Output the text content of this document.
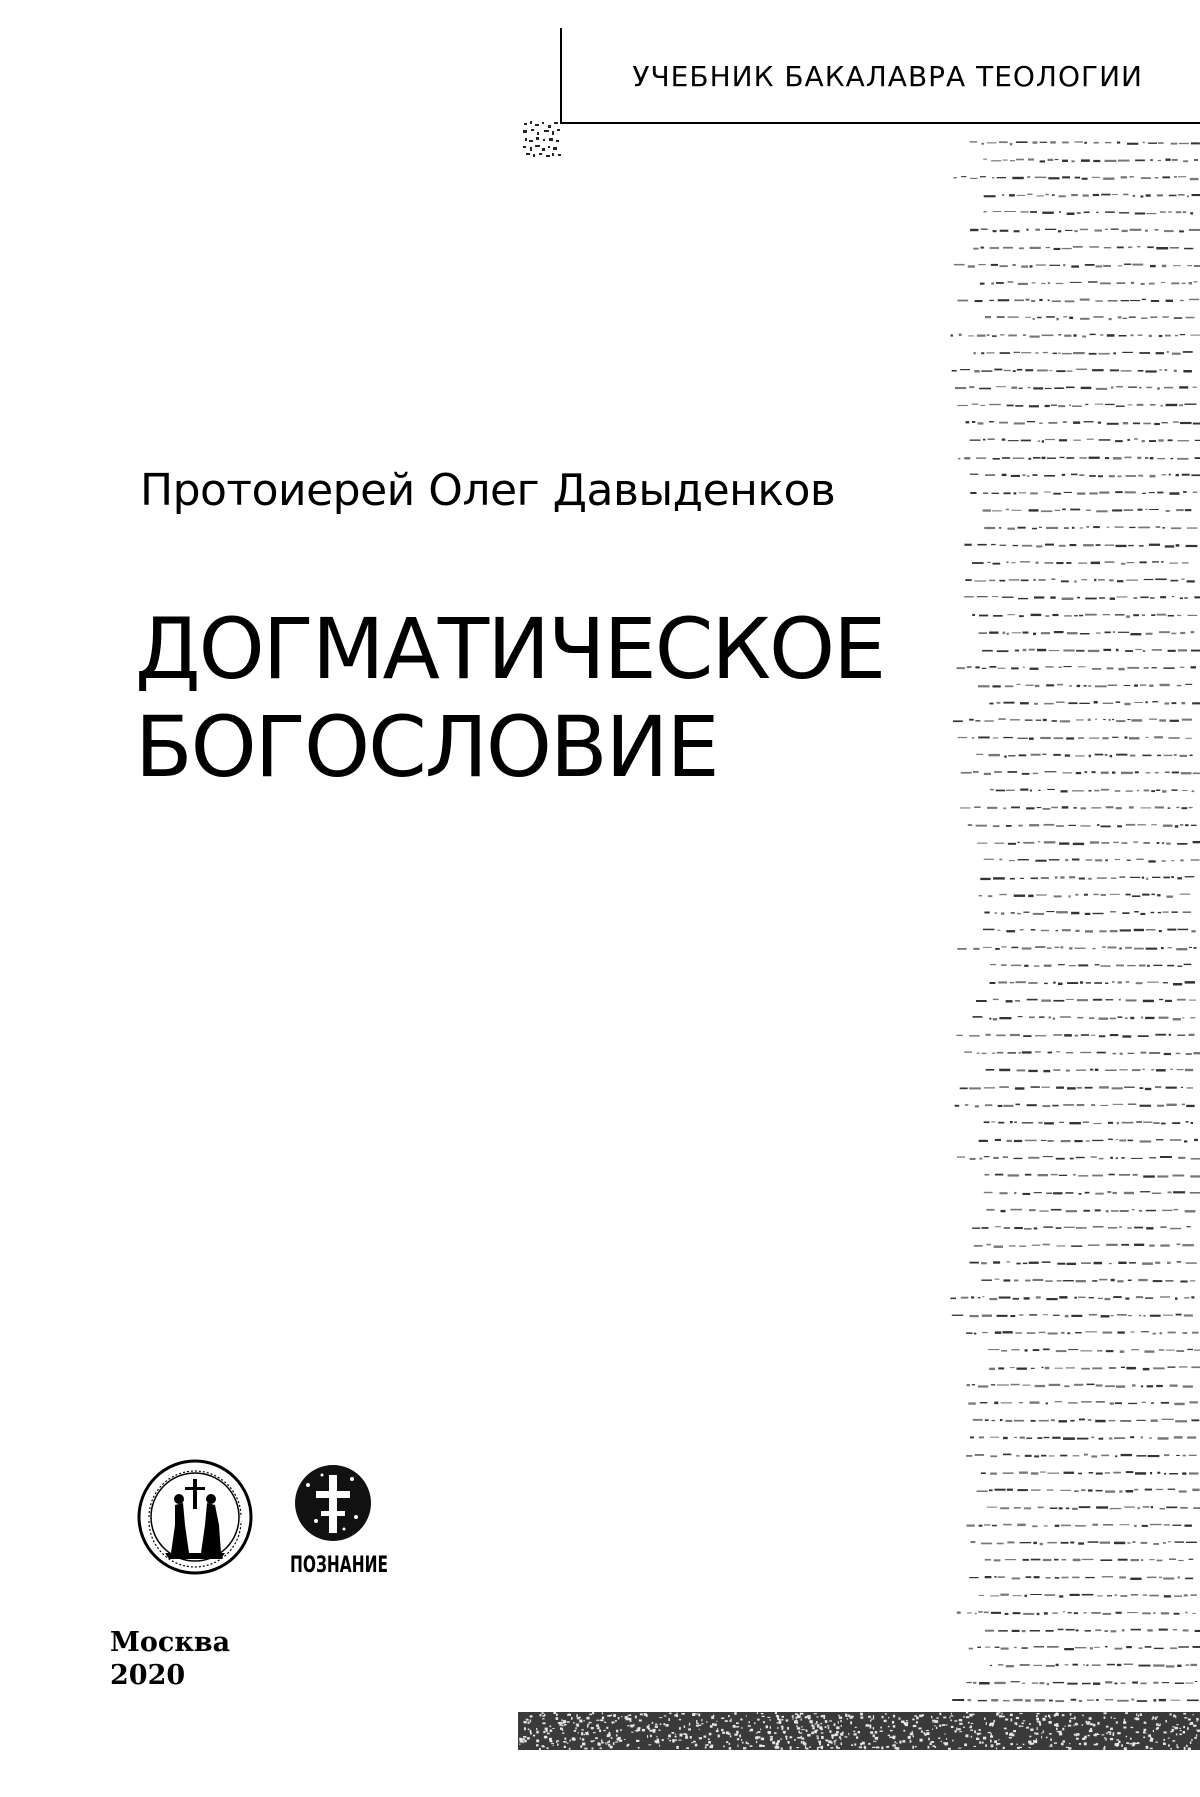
УЧЕБНИК БАКАЛАВРА ТЕОЛОГИИ
Протоиерей Олег Давыденков
ДОГМАТИЧЕСКОЕ
БОГОСЛОВИЕ
ПОЗНАНИЕ
Москва
2020
